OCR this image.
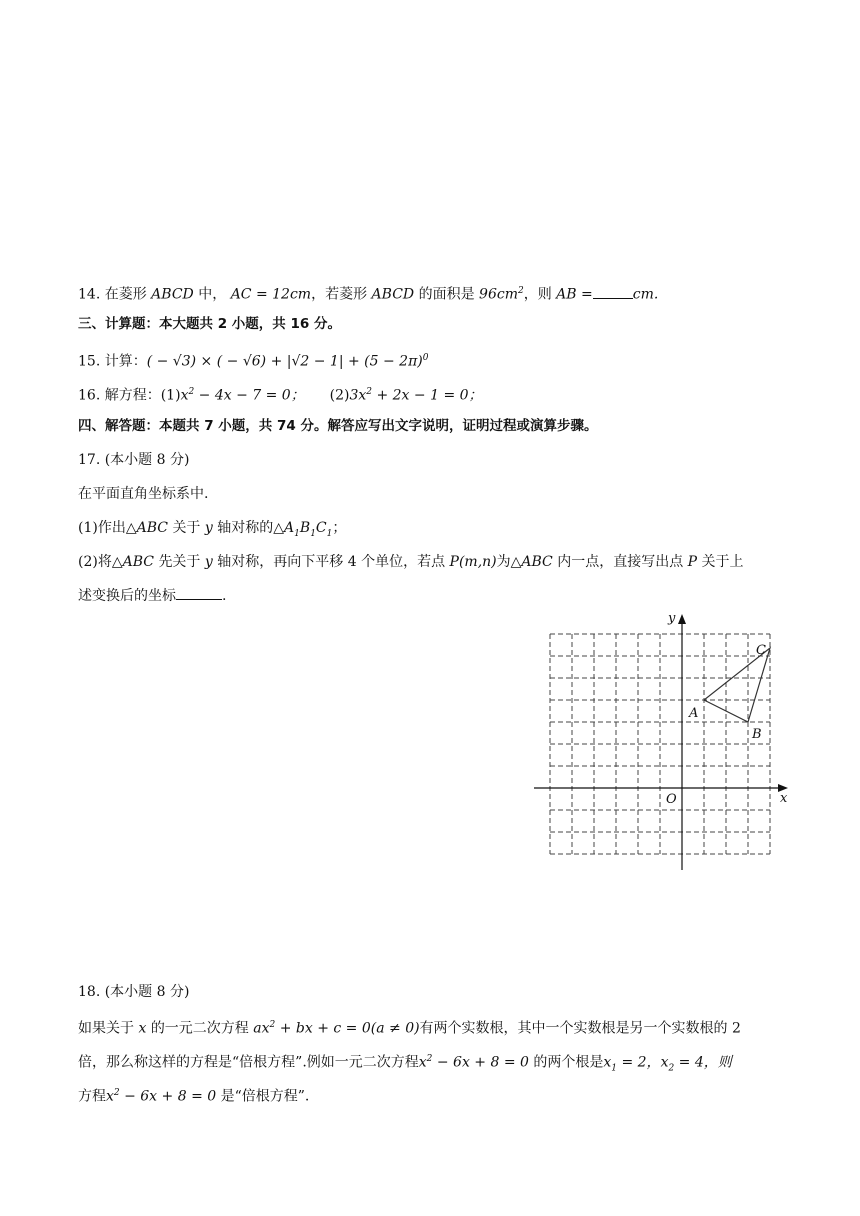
14. 在菱形 ABCD 中， AC = 12cm，若菱形 ABCD 的面积是 $96cm^2$，则 AB =	cm.
三、计算题：本大题共 2 小题，共 16 分。
15. 计算：( − √3) × ( − $√6) + |√2 - 1| + (5 - 2\pi)^0$
16. 解方程：$(1)x^2 - 4x - 7 = 0$； $(2)3x^2 + 2x - 1 = 0$；
四、解答题：本题共 7 小题，共 74 分。解答应写出文字说明，证明过程或演算步骤。
17. (本小题 8 分)
在平面直角坐标系中.
(1)作出△ABC 关于 y 轴对称的$\triangle A_1B_1C_1$；
(2)将△ABC 先关于 y 轴对称，再向下平移 4 个单位，若点 P(m,n)为△ABC 内一点，直接写出点 P 关于上
述变换后的坐标	.
x
y
O
A
B
C
18. (本小题 8 分)
如果关于 x 的一元二次方程 $ax^2$ + bx + c = 0(a ≠ 0)有两个实数根，其中一个实数根是另一个实数根的 2
倍，那么称这样的方程是“倍根方程”.例如一元二次方程$x^2 - 6x + 8 = 0$ 的两个根是$x_1 = 2$，$x_2 = 4$，则
方程$x^2 - 6x + 8 = 0$ 是“倍根方程”.
